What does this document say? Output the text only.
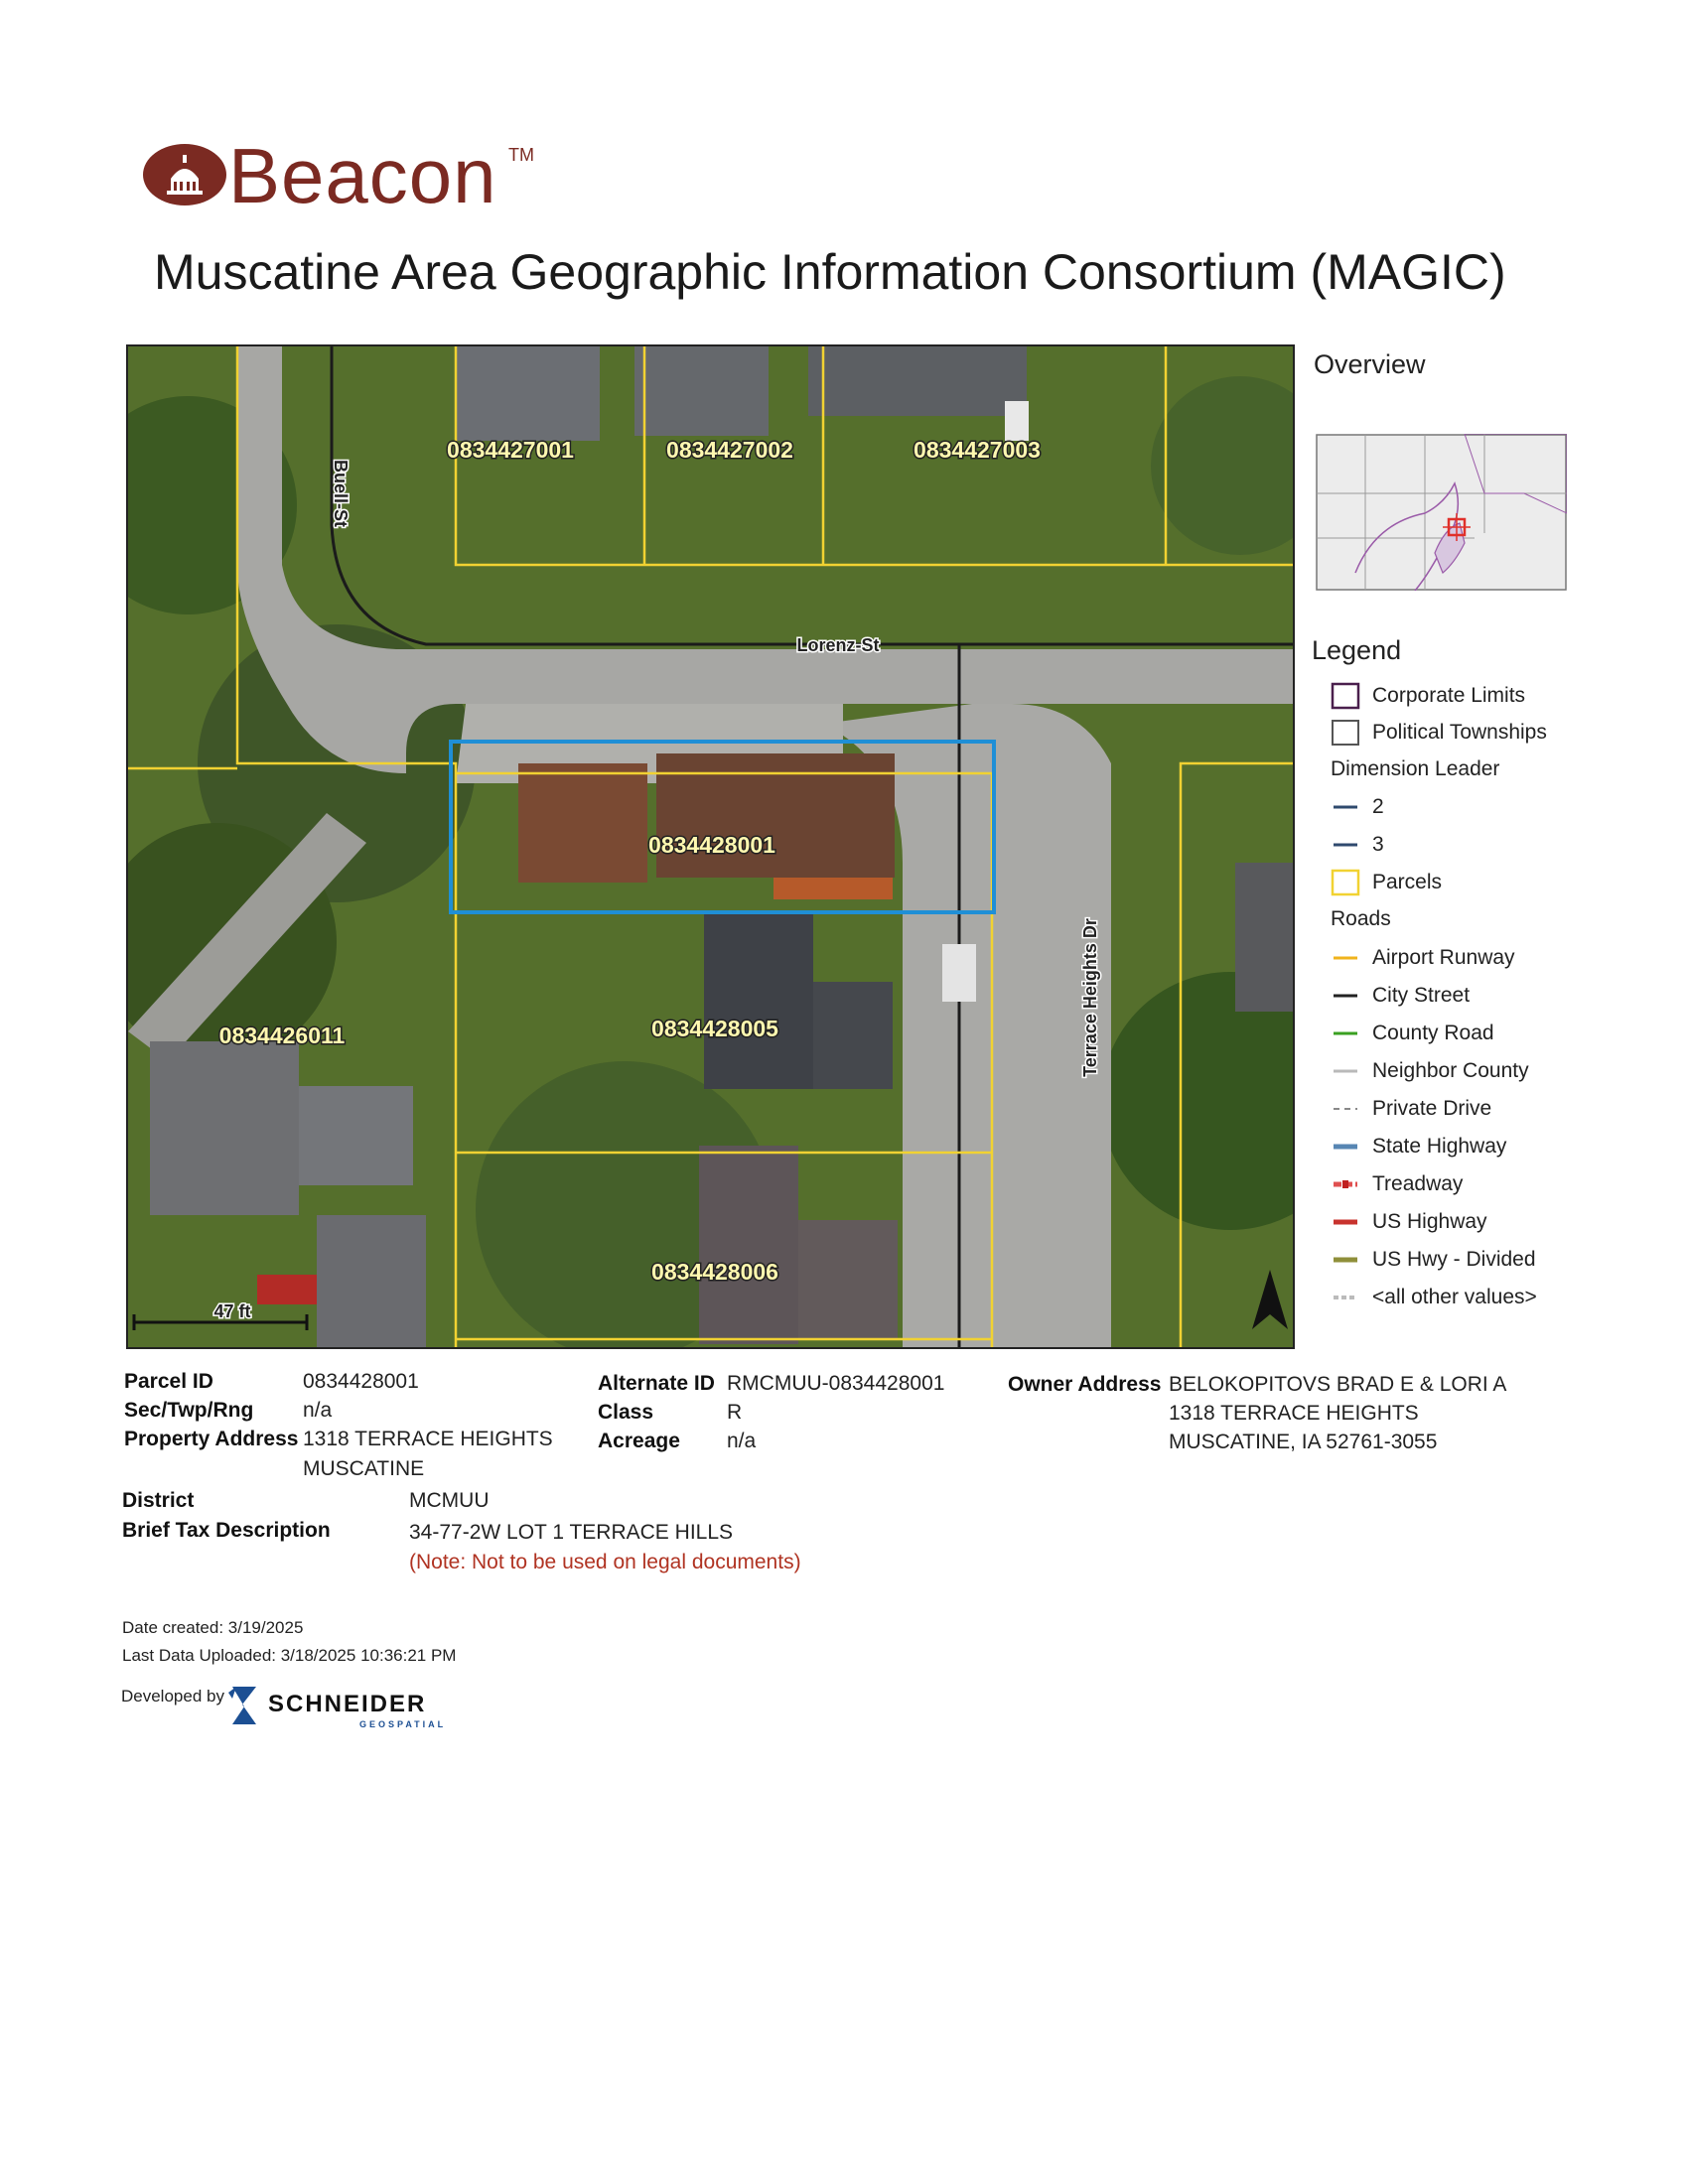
Beacon TM
Muscatine Area Geographic Information Consortium (MAGIC)
0834427001	0834427002	0834427003
0834428001
0834428005
0834428006
0834426011
Buell-St
Lorenz-St
Terrace Heights Dr
47 ft
Overview
Legend
Corporate Limits
Political Townships
Dimension Leader
2
3
Parcels
Roads
Airport Runway
City Street
County Road
Neighbor County
Private Drive
State Highway
Treadway
US Highway
US Hwy - Divided
<all other values>
Parcel ID	0834428001
Sec/Twp/Rng n/a
Property Address 1318 TERRACE HEIGHTS
MUSCATINE
Alternate ID RMCMUU-0834428001
Class	R
Acreage n/a
Owner Address BELOKOPITOVS BRAD E & LORI A
1318 TERRACE HEIGHTS
MUSCATINE, IA 52761-3055
District	MCMUU
Brief Tax Description	34-77-2W LOT 1 TERRACE HILLS
(Note: Not to be used on legal documents)
Date created: 3/19/2025
Last Data Uploaded: 3/18/2025 10:36:21 PM
Developed by SCHNEIDER
GEOSPATIAL
